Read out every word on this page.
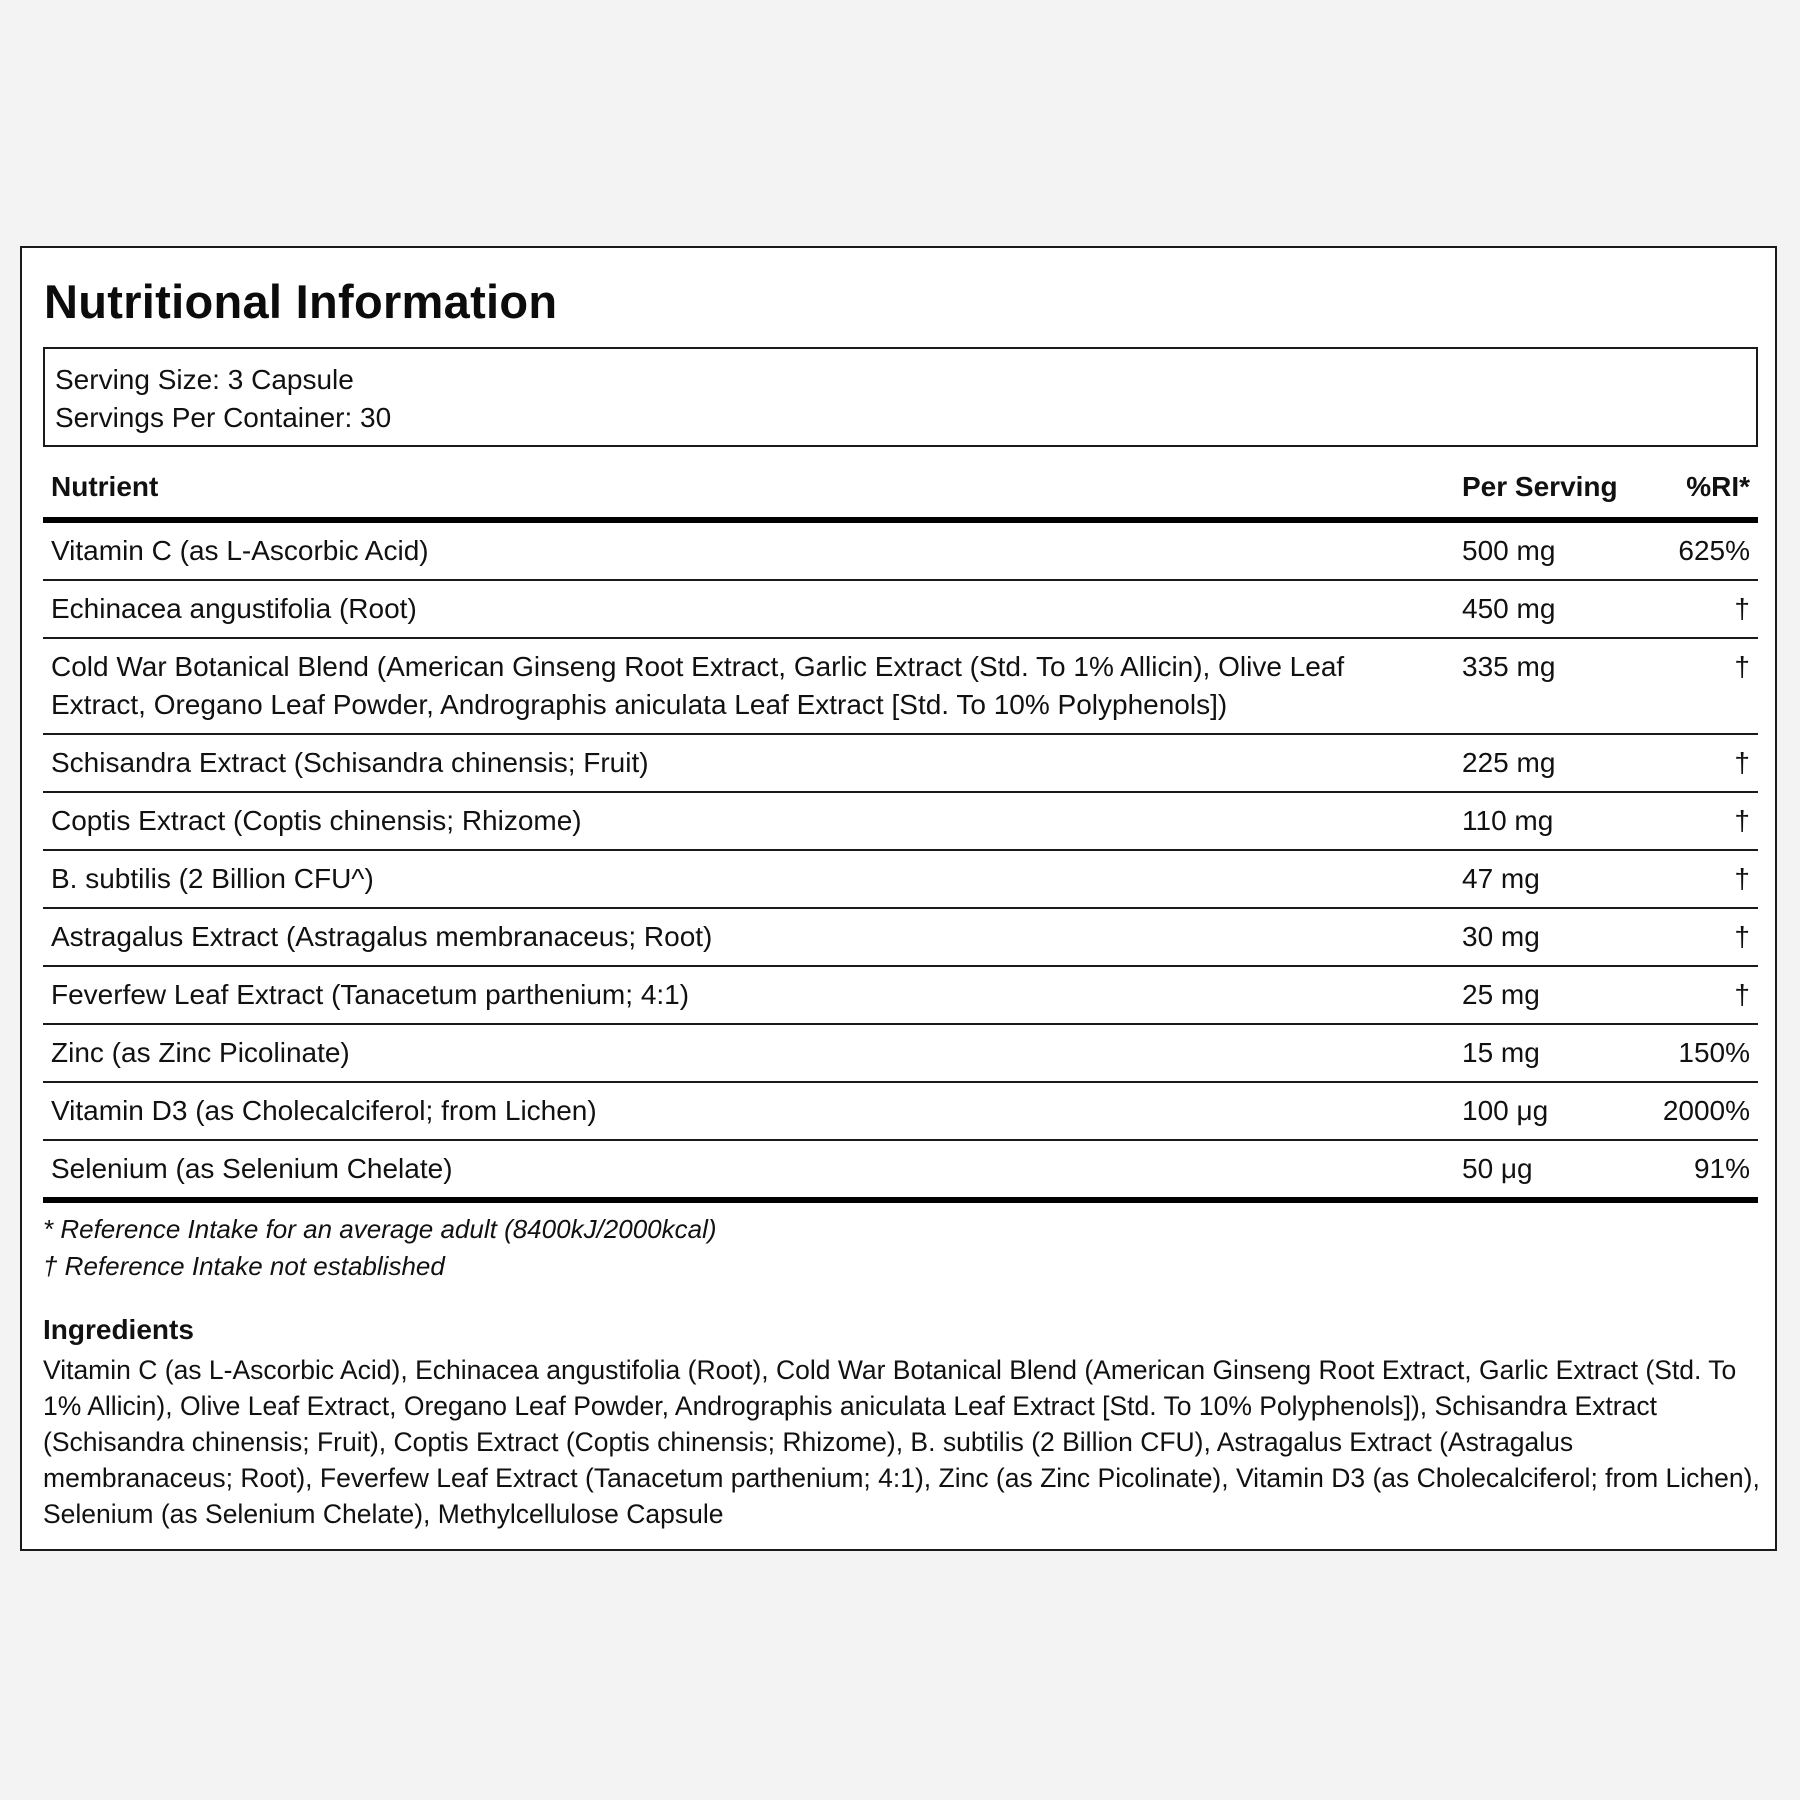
Nutritional Information
Serving Size: 3 Capsule
Servings Per Container: 30
Nutrient	Per Serving	%RI*
Vitamin C (as L-Ascorbic Acid)	500 mg	625%
Echinacea angustifolia (Root)	450 mg	†
Cold War Botanical Blend (American Ginseng Root Extract, Garlic Extract (Std. To 1% Allicin), Olive Leaf Extract, Oregano Leaf Powder, Andrographis aniculata Leaf Extract [Std. To 10% Polyphenols])	335 mg	†
Schisandra Extract (Schisandra chinensis; Fruit)	225 mg	†
Coptis Extract (Coptis chinensis; Rhizome)	110 mg	†
B. subtilis (2 Billion CFU^)	47 mg	†
Astragalus Extract (Astragalus membranaceus; Root)	30 mg	†
Feverfew Leaf Extract (Tanacetum parthenium; 4:1)	25 mg	†
Zinc (as Zinc Picolinate)	15 mg	150%
Vitamin D3 (as Cholecalciferol; from Lichen)	100 μg	2000%
Selenium (as Selenium Chelate)	50 μg	91%
* Reference Intake for an average adult (8400kJ/2000kcal)
† Reference Intake not established
Ingredients

Vitamin C (as L-Ascorbic Acid), Echinacea angustifolia (Root), Cold War Botanical Blend (American Ginseng Root Extract, Garlic Extract (Std. To 1% Allicin), Olive Leaf Extract, Oregano Leaf Powder, Andrographis aniculata Leaf Extract [Std. To 10% Polyphenols]), Schisandra Extract (Schisandra chinensis; Fruit), Coptis Extract (Coptis chinensis; Rhizome), B. subtilis (2 Billion CFU), Astragalus Extract (Astragalus membranaceus; Root), Feverfew Leaf Extract (Tanacetum parthenium; 4:1), Zinc (as Zinc Picolinate), Vitamin D3 (as Cholecalciferol; from Lichen), Selenium (as Selenium Chelate), Methylcellulose Capsule
